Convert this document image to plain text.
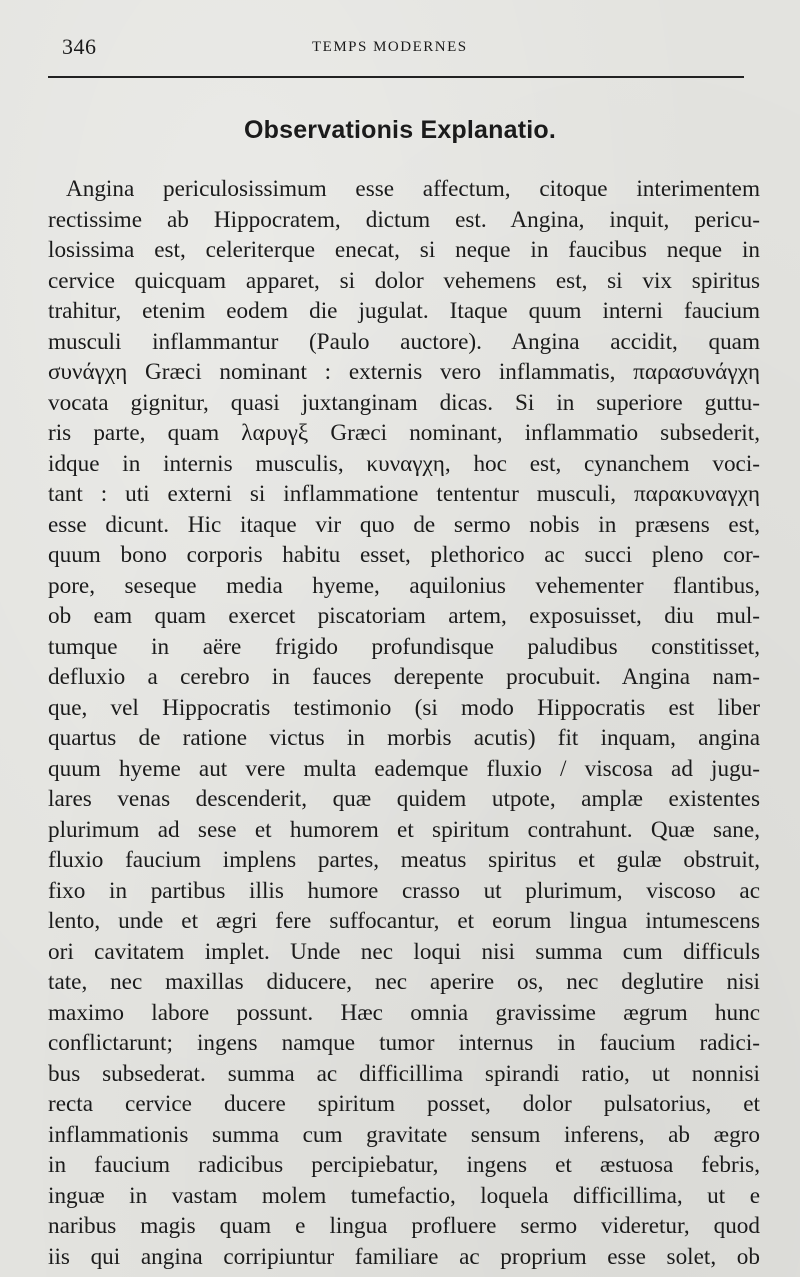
346	TEMPS MODERNES
Observationis Explanatio.
Angina periculosissimum esse affectum, citoque interimentem
rectissime ab Hippocratem, dictum est. Angina, inquit, pericu-
losissima est, celeriterque enecat, si neque in faucibus neque in
cervice quicquam apparet, si dolor vehemens est, si vix spiritus
trahitur, etenim eodem die jugulat. Itaque quum interni faucium
musculi inflammantur (Paulo auctore). Angina accidit, quam
συνάγχη Græci nominant : externis vero inflammatis, παρασυνάγχη
vocata gignitur, quasi juxtanginam dicas. Si in superiore guttu-
ris parte, quam λαρυγξ Græci nominant, inflammatio subsederit,
idque in internis musculis, κυναγχη, hoc est, cynanchem voci-
tant : uti externi si inflammatione tententur musculi, παρακυναγχη
esse dicunt. Hic itaque vir quo de sermo nobis in præsens est,
quum bono corporis habitu esset, plethorico ac succi pleno cor-
pore, seseque media hyeme, aquilonius vehementer flantibus,
ob eam quam exercet piscatoriam artem, exposuisset, diu mul-
tumque in aëre frigido profundisque paludibus constitisset,
defluxio a cerebro in fauces derepente procubuit. Angina nam-
que, vel Hippocratis testimonio (si modo Hippocratis est liber
quartus de ratione victus in morbis acutis) fit inquam, angina
quum hyeme aut vere multa eademque fluxio / viscosa ad jugu-
lares venas descenderit, quæ quidem utpote, amplæ existentes
plurimum ad sese et humorem et spiritum contrahunt. Quæ sane,
fluxio faucium implens partes, meatus spiritus et gulæ obstruit,
fixo in partibus illis humore crasso ut plurimum, viscoso ac
lento, unde et ægri fere suffocantur, et eorum lingua intumescens
ori cavitatem implet. Unde nec loqui nisi summa cum difficuls
tate, nec maxillas diducere, nec aperire os, nec deglutire nisi
maximo labore possunt. Hæc omnia gravissime ægrum hunc
conflictarunt; ingens namque tumor internus in faucium radici-
bus subsederat. summa ac difficillima spirandi ratio, ut nonnisi
recta cervice ducere spiritum posset, dolor pulsatorius, et
inflammationis summa cum gravitate sensum inferens, ab ægro
in faucium radicibus percipiebatur, ingens et æstuosa febris,
inguæ in vastam molem tumefactio, loquela difficillima, ut e
naribus magis quam e lingua profluere sermo videretur, quod
iis qui angina corripiuntur familiare ac proprium esse solet, ob
